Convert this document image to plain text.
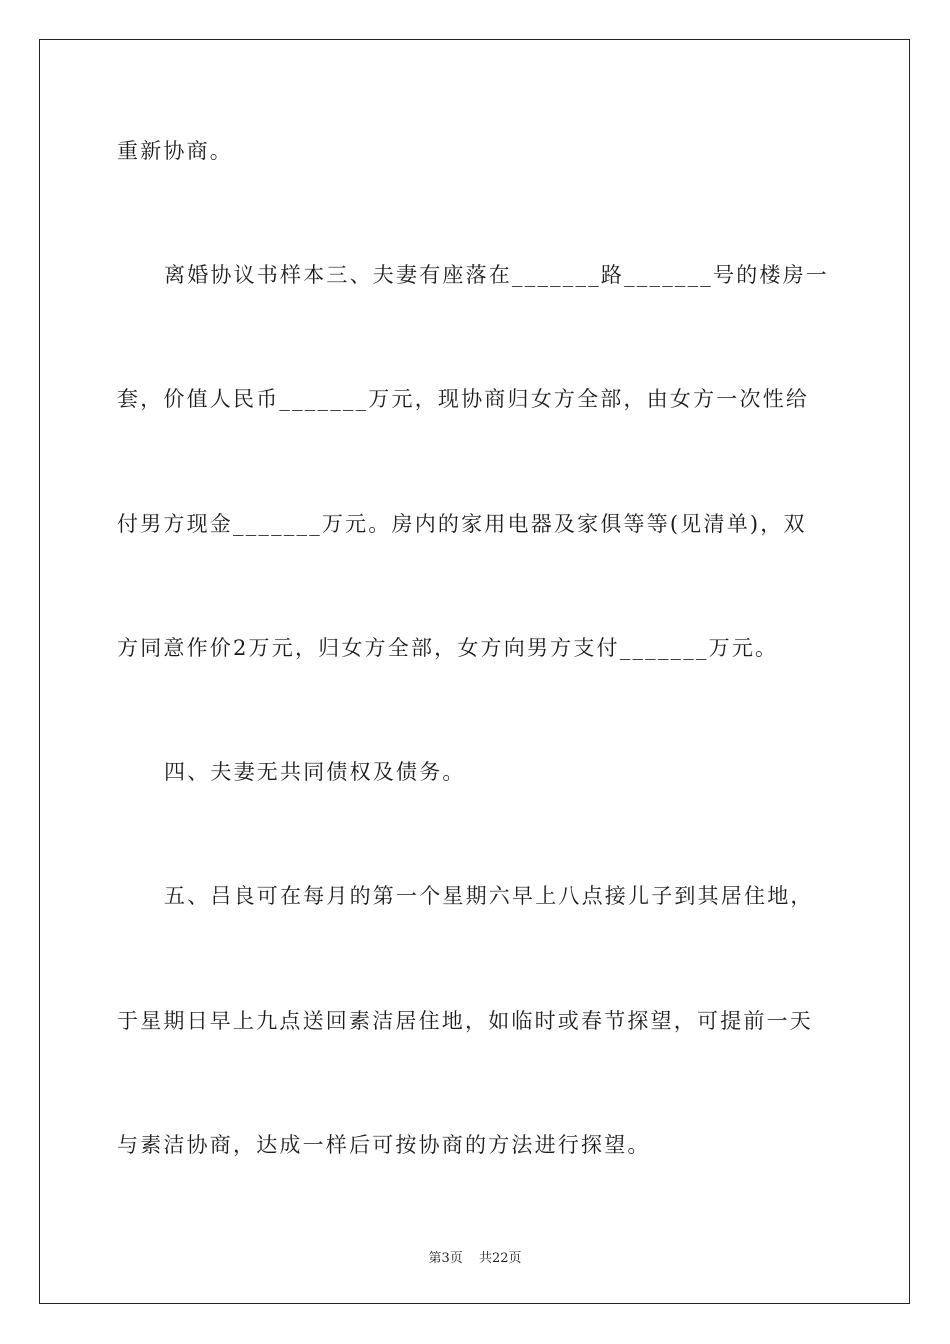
重新协商。
离婚协议书样本三、夫妻有座落在_______路_______号的楼房一
套，价值人民币_______万元，现协商归女方全部，由女方一次性给
付男方现金_______万元。房内的家用电器及家俱等等(见清单)，双
方同意作价2万元，归女方全部，女方向男方支付_______万元。
四、夫妻无共同债权及债务。
五、吕良可在每月的第一个星期六早上八点接儿子到其居住地，
于星期日早上九点送回素洁居住地，如临时或春节探望，可提前一天
与素洁协商，达成一样后可按协商的方法进行探望。
第3页 共22页
